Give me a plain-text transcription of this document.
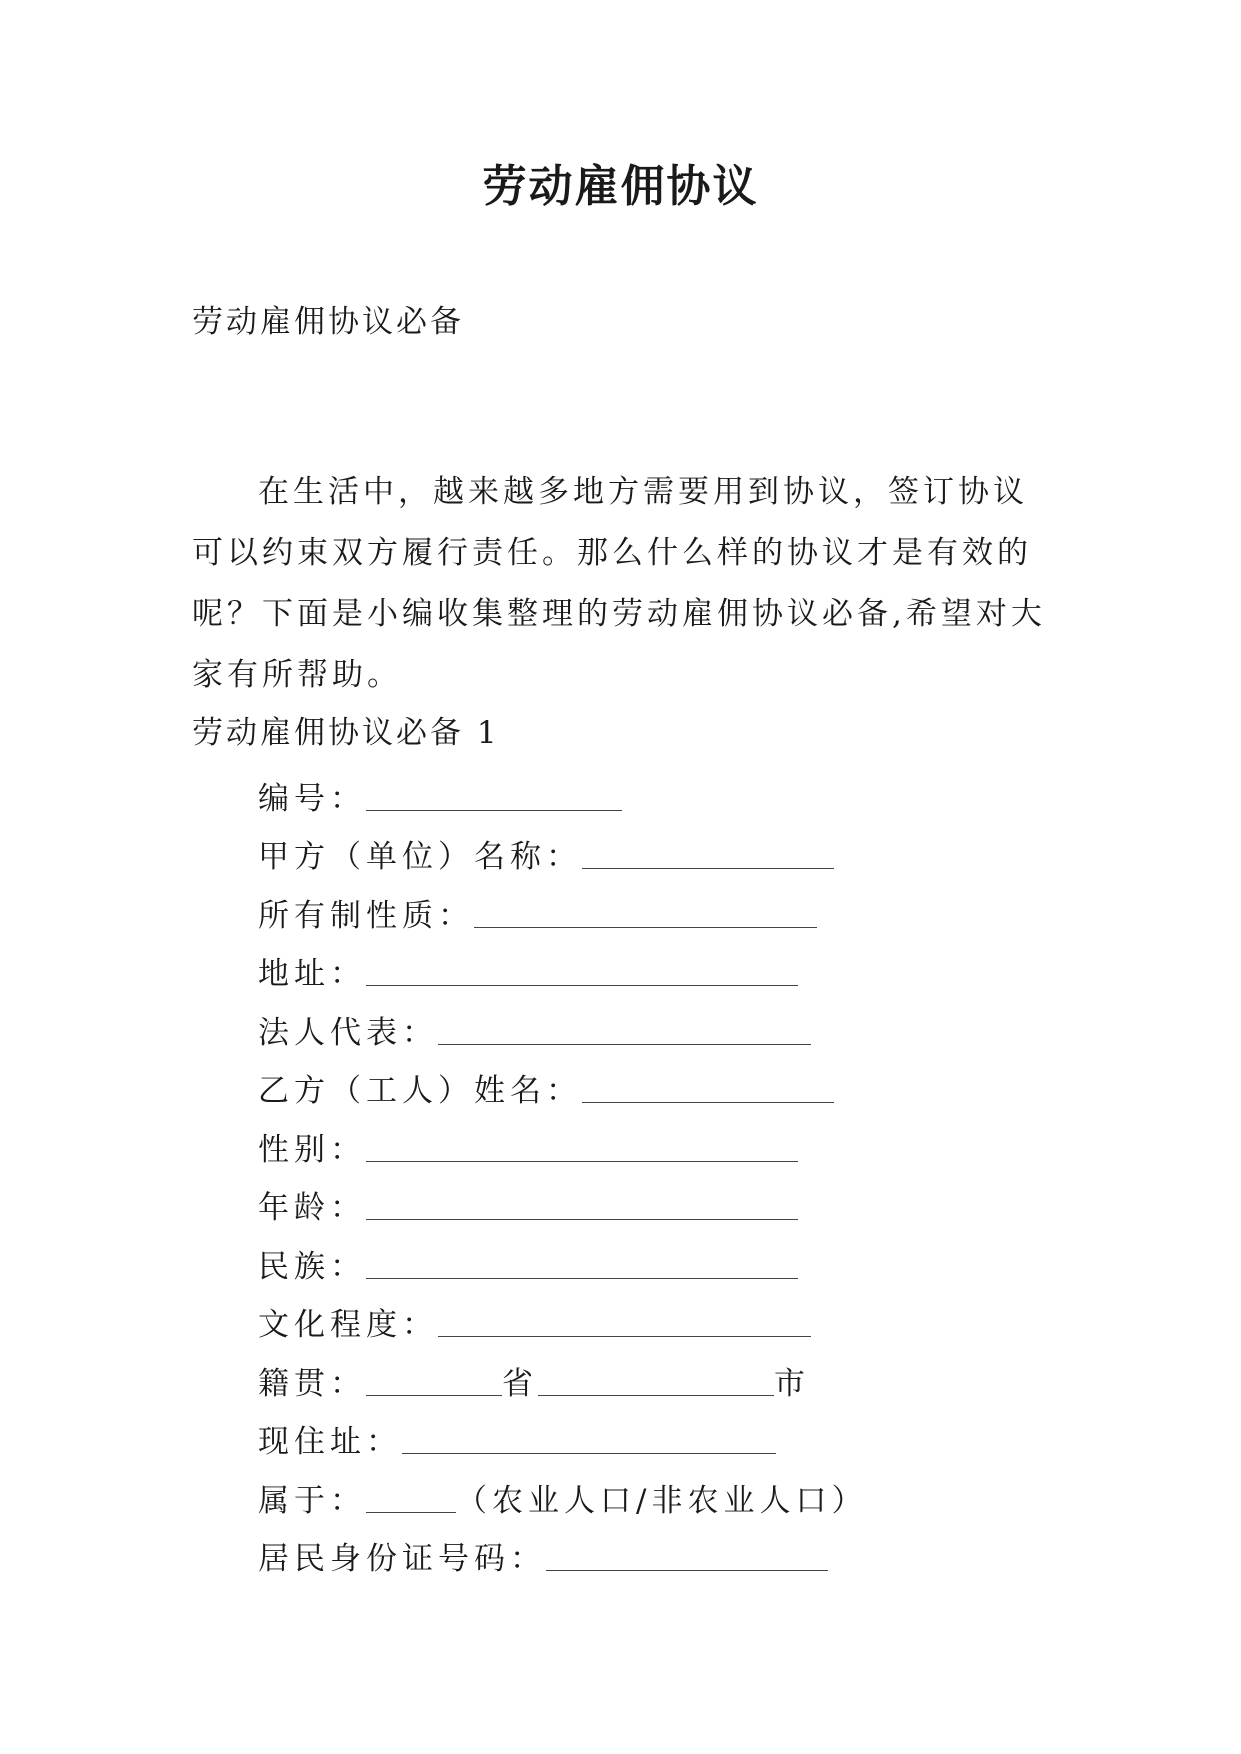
劳动雇佣协议
劳动雇佣协议必备

在生活中，越来越多地方需要用到协议，签订协议可以约束双方履行责任。那么什么样的协议才是有效的呢？下面是小编收集整理的劳动雇佣协议必备,希望对大家有所帮助。

劳动雇佣协议必备 1
编号：
甲方（单位）名称：
所有制性质：
地址：
法人代表：
乙方（工人）姓名：
性别：
年龄：
民族：
文化程度：
籍贯：	省	市
现住址：
属于：	（农业人口/非农业人口）
居民身份证号码：
